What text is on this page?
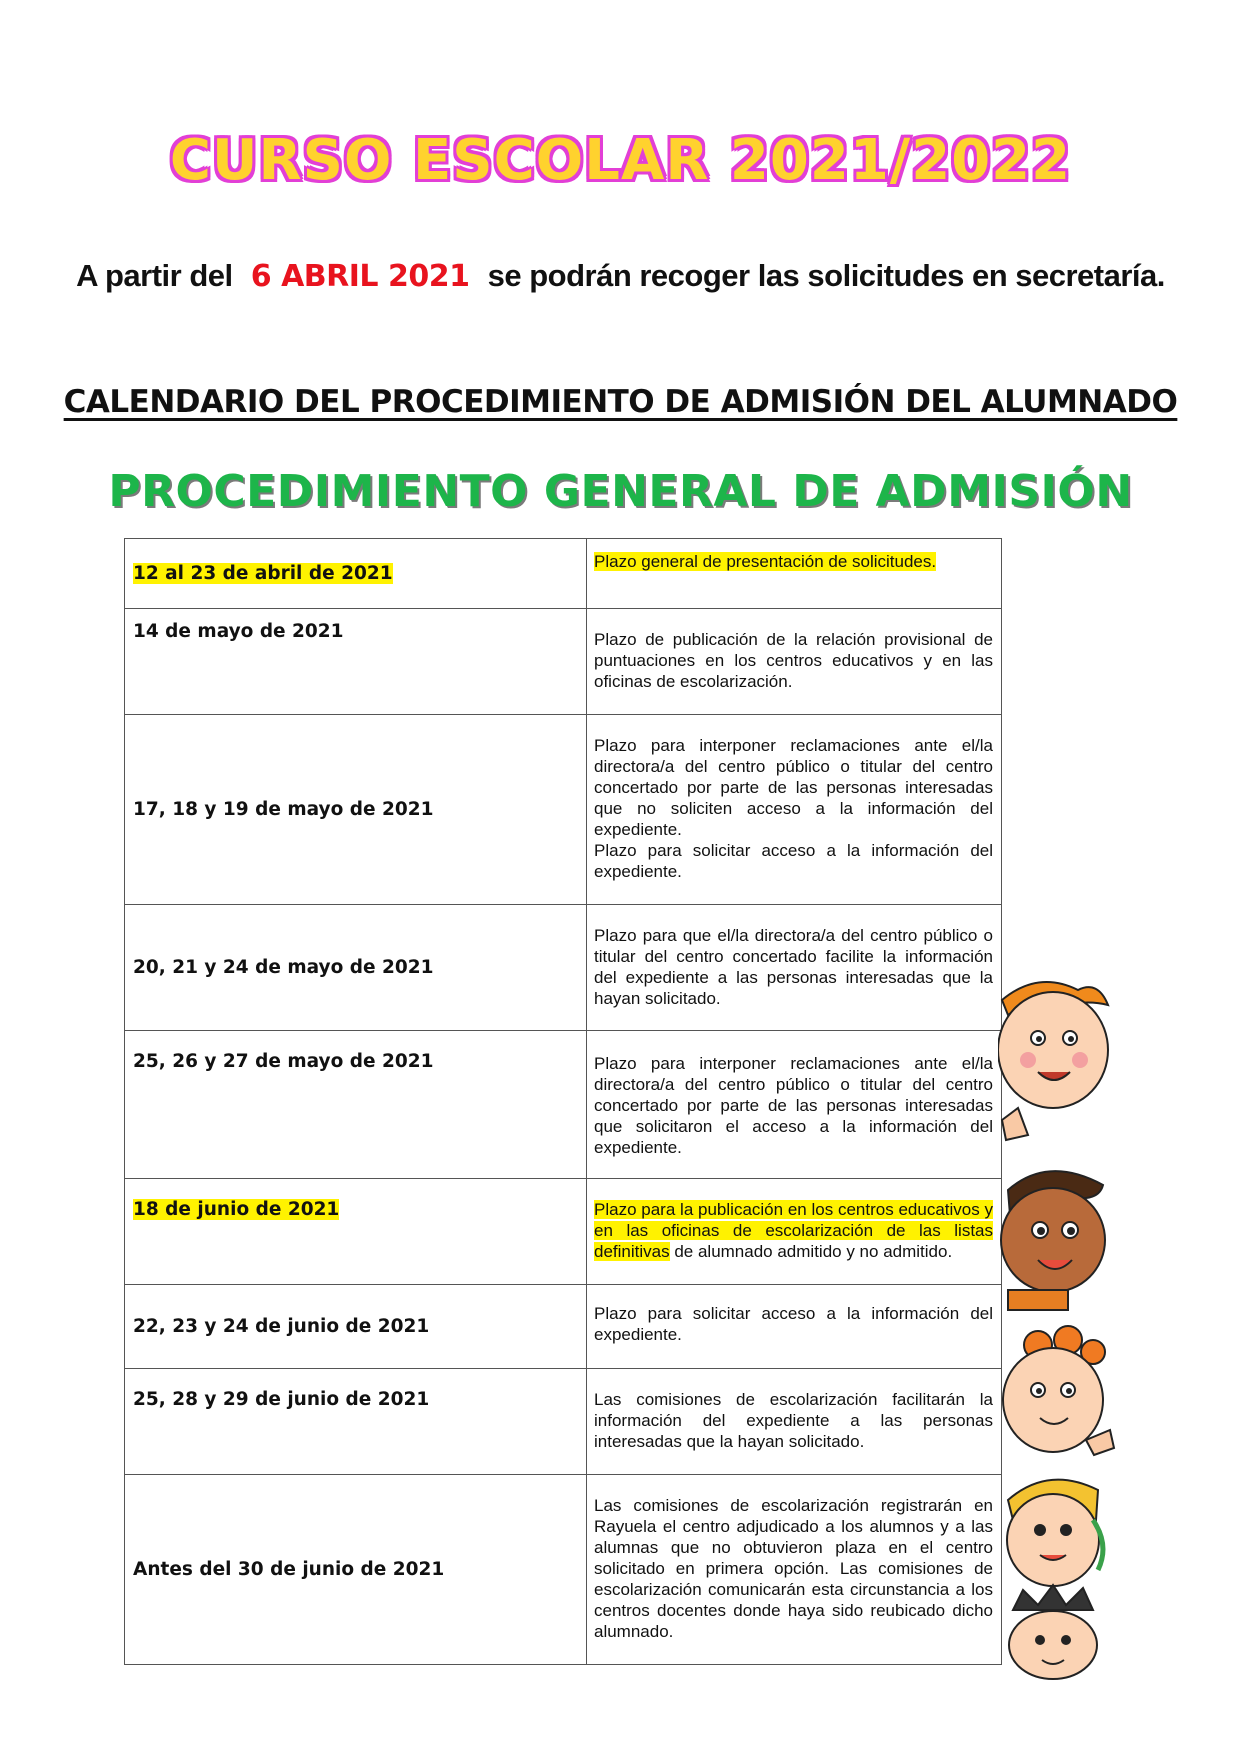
CURSO ESCOLAR 2021/2022
A partir del 6 ABRIL 2021 se podrán recoger las solicitudes en secretaría.
CALENDARIO DEL PROCEDIMIENTO DE ADMISIÓN DEL ALUMNADO
PROCEDIMIENTO GENERAL DE ADMISIÓN
12 al 23 de abril de 2021	Plazo general de presentación de solicitudes.
14 de mayo de 2021	Plazo de publicación de la relación provisional de puntuaciones en los centros educativos y en las oficinas de escolarización.
17, 18 y 19 de mayo de 2021	Plazo para interponer reclamaciones ante el/la directora/a del centro público o titular del centro concertado por parte de las personas interesadas que no soliciten acceso a la información del expediente.
Plazo para solicitar acceso a la información del expediente.
20, 21 y 24 de mayo de 2021	Plazo para que el/la directora/a del centro público o titular del centro concertado facilite la información del expediente a las personas interesadas que la hayan solicitado.
25, 26 y 27 de mayo de 2021	Plazo para interponer reclamaciones ante el/la directora/a del centro público o titular del centro concertado por parte de las personas interesadas que solicitaron el acceso a la información del expediente.
18 de junio de 2021	Plazo para la publicación en los centros educativos y en las oficinas de escolarización de las listas definitivas de alumnado admitido y no admitido.
22, 23 y 24 de junio de 2021	Plazo para solicitar acceso a la información del expediente.
25, 28 y 29 de junio de 2021	Las comisiones de escolarización facilitarán la información del expediente a las personas interesadas que la hayan solicitado.
Antes del 30 de junio de 2021	Las comisiones de escolarización registrarán en Rayuela el centro adjudicado a los alumnos y a las alumnas que no obtuvieron plaza en el centro solicitado en primera opción. Las comisiones de escolarización comunicarán esta circunstancia a los centros docentes donde haya sido reubicado dicho alumnado.
